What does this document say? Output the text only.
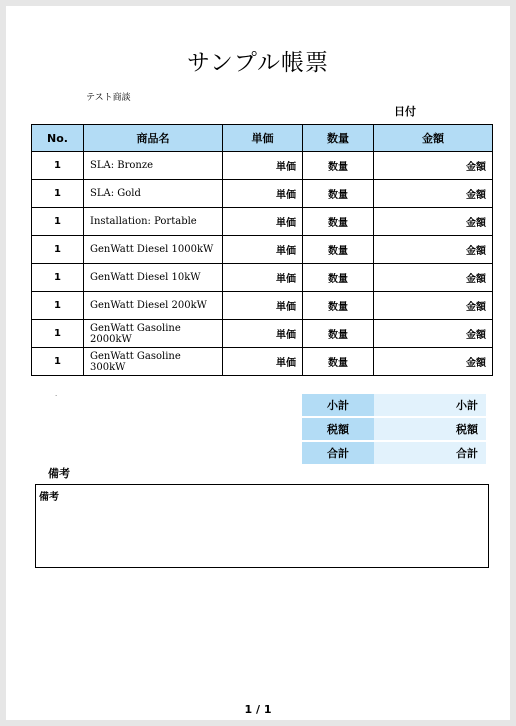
サンプル帳票
テスト商談
日付
No.	商品名	単価	数量	金額
1	SLA: Bronze	単価	数量	金額
1	SLA: Gold	単価	数量	金額
1	Installation: Portable	単価	数量	金額
1	GenWatt Diesel 1000kW	単価	数量	金額
1	GenWatt Diesel 10kW	単価	数量	金額
1	GenWatt Diesel 200kW	単価	数量	金額
1	GenWatt Gasoline 2000kW	単価	数量	金額
1	GenWatt Gasoline 300kW	単価	数量	金額
.
小計	小計
税額	税額
合計	合計
備考
備考
1 / 1
